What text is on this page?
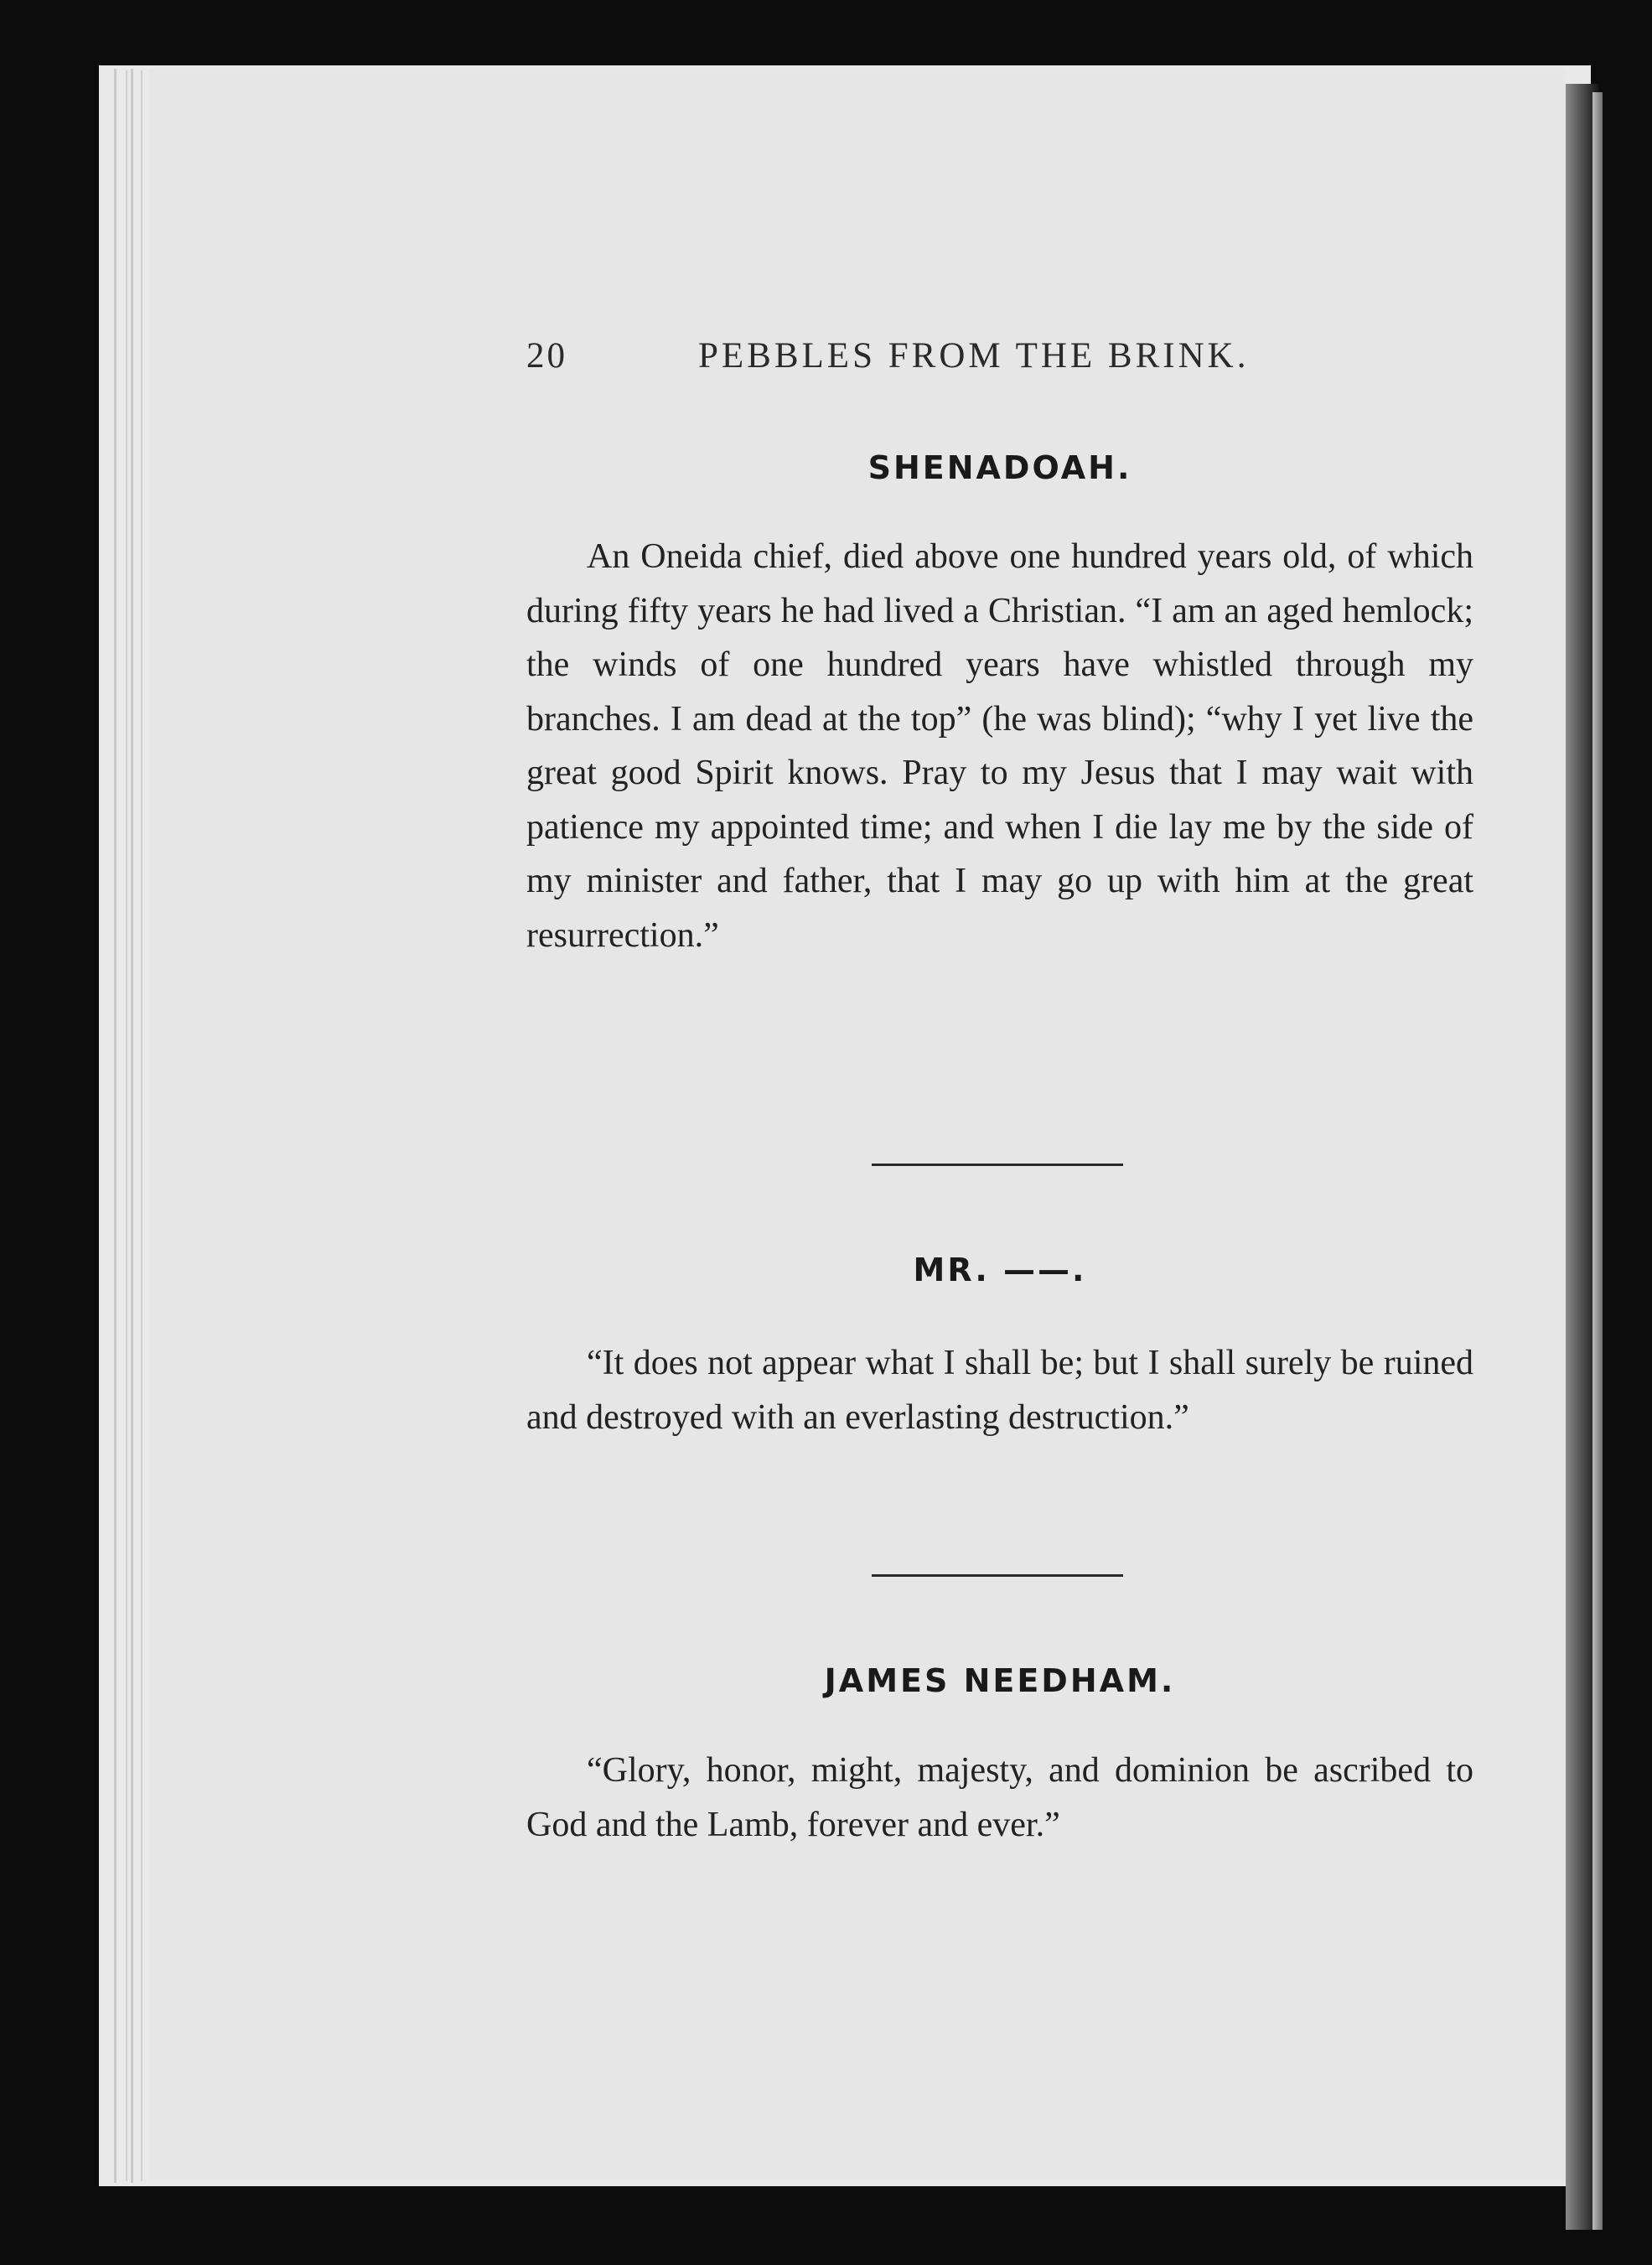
20	PEBBLES FROM THE BRINK.
SHENADOAH.

An Oneida chief, died above one hundred years old, of which during fifty years he had lived a Christian. “I am an aged hemlock; the winds of one hundred years have whistled through my branches. I am dead at the top” (he was blind); “why I yet live the great good Spirit knows. Pray to my Jesus that I may wait with patience my appointed time; and when I die lay me by the side of my minister and father, that I may go up with him at the great resurrection.”

MR. ——.

“It does not appear what I shall be; but I shall surely be ruined and destroyed with an everlasting destruction.”

JAMES NEEDHAM.

“Glory, honor, might, majesty, and dominion be ascribed to God and the Lamb, forever and ever.”
